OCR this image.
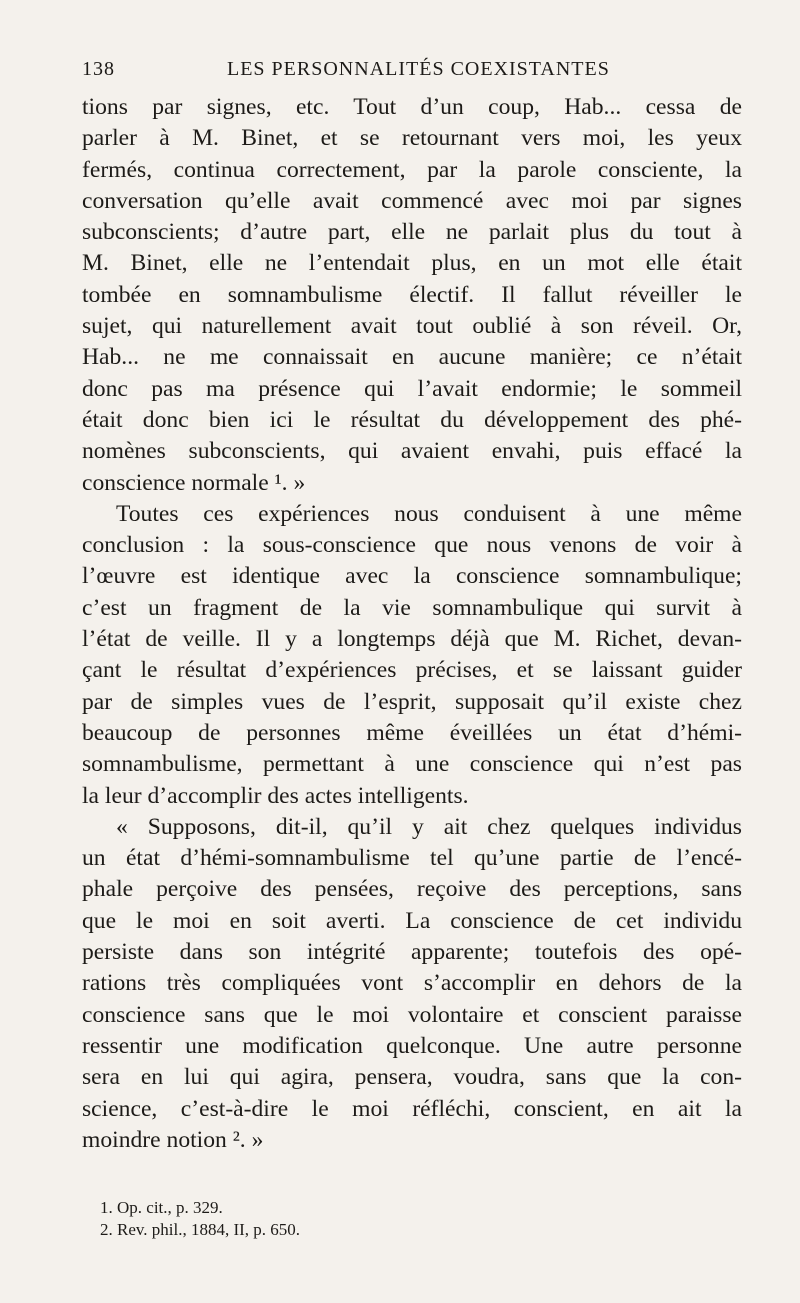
138	LES PERSONNALITÉS COEXISTANTES
tions par signes, etc. Tout d’un coup, Hab... cessa de
parler à M. Binet, et se retournant vers moi, les yeux
fermés, continua correctement, par la parole consciente, la
conversation qu’elle avait commencé avec moi par signes
subconscients; d’autre part, elle ne parlait plus du tout à
M. Binet, elle ne l’entendait plus, en un mot elle était
tombée en somnambulisme électif. Il fallut réveiller le
sujet, qui naturellement avait tout oublié à son réveil. Or,
Hab... ne me connaissait en aucune manière; ce n’était
donc pas ma présence qui l’avait endormie; le sommeil
était donc bien ici le résultat du développement des phé-
nomènes subconscients, qui avaient envahi, puis effacé la
conscience normale ¹. »
Toutes ces expériences nous conduisent à une même
conclusion : la sous-conscience que nous venons de voir à
l’œuvre est identique avec la conscience somnambulique;
c’est un fragment de la vie somnambulique qui survit à
l’état de veille. Il y a longtemps déjà que M. Richet, devan-
çant le résultat d’expériences précises, et se laissant guider
par de simples vues de l’esprit, supposait qu’il existe chez
beaucoup de personnes même éveillées un état d’hémi-
somnambulisme, permettant à une conscience qui n’est pas
la leur d’accomplir des actes intelligents.
« Supposons, dit-il, qu’il y ait chez quelques individus
un état d’hémi-somnambulisme tel qu’une partie de l’encé-
phale perçoive des pensées, reçoive des perceptions, sans
que le moi en soit averti. La conscience de cet individu
persiste dans son intégrité apparente; toutefois des opé-
rations très compliquées vont s’accomplir en dehors de la
conscience sans que le moi volontaire et conscient paraisse
ressentir une modification quelconque. Une autre personne
sera en lui qui agira, pensera, voudra, sans que la con-
science, c’est-à-dire le moi réfléchi, conscient, en ait la
moindre notion ². »
1. Op. cit., p. 329.
2. Rev. phil., 1884, II, p. 650.
